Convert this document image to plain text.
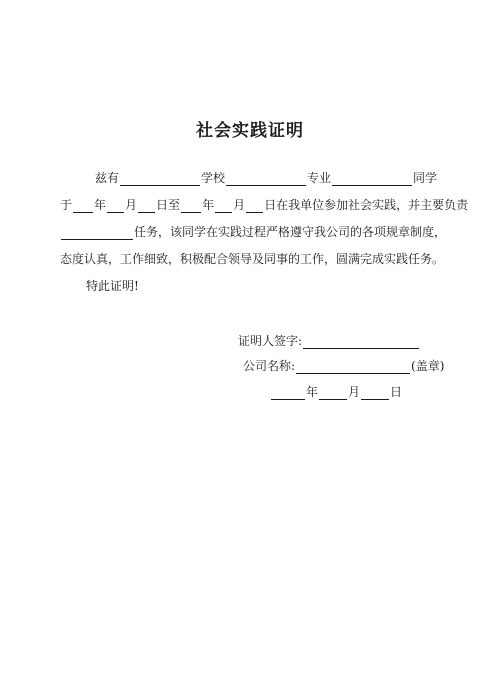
社会实践证明
兹有	学校	专业	同学
于 年 月 日至 年 月 日在我单位参加社会实践，并主要负责
任务，该同学在实践过程严格遵守我公司的各项规章制度，
态度认真，工作细致，积极配合领导及同事的工作，圆满完成实践任务。
特此证明!
证明人签字:
公司名称:	(盖章)
年	月	日
